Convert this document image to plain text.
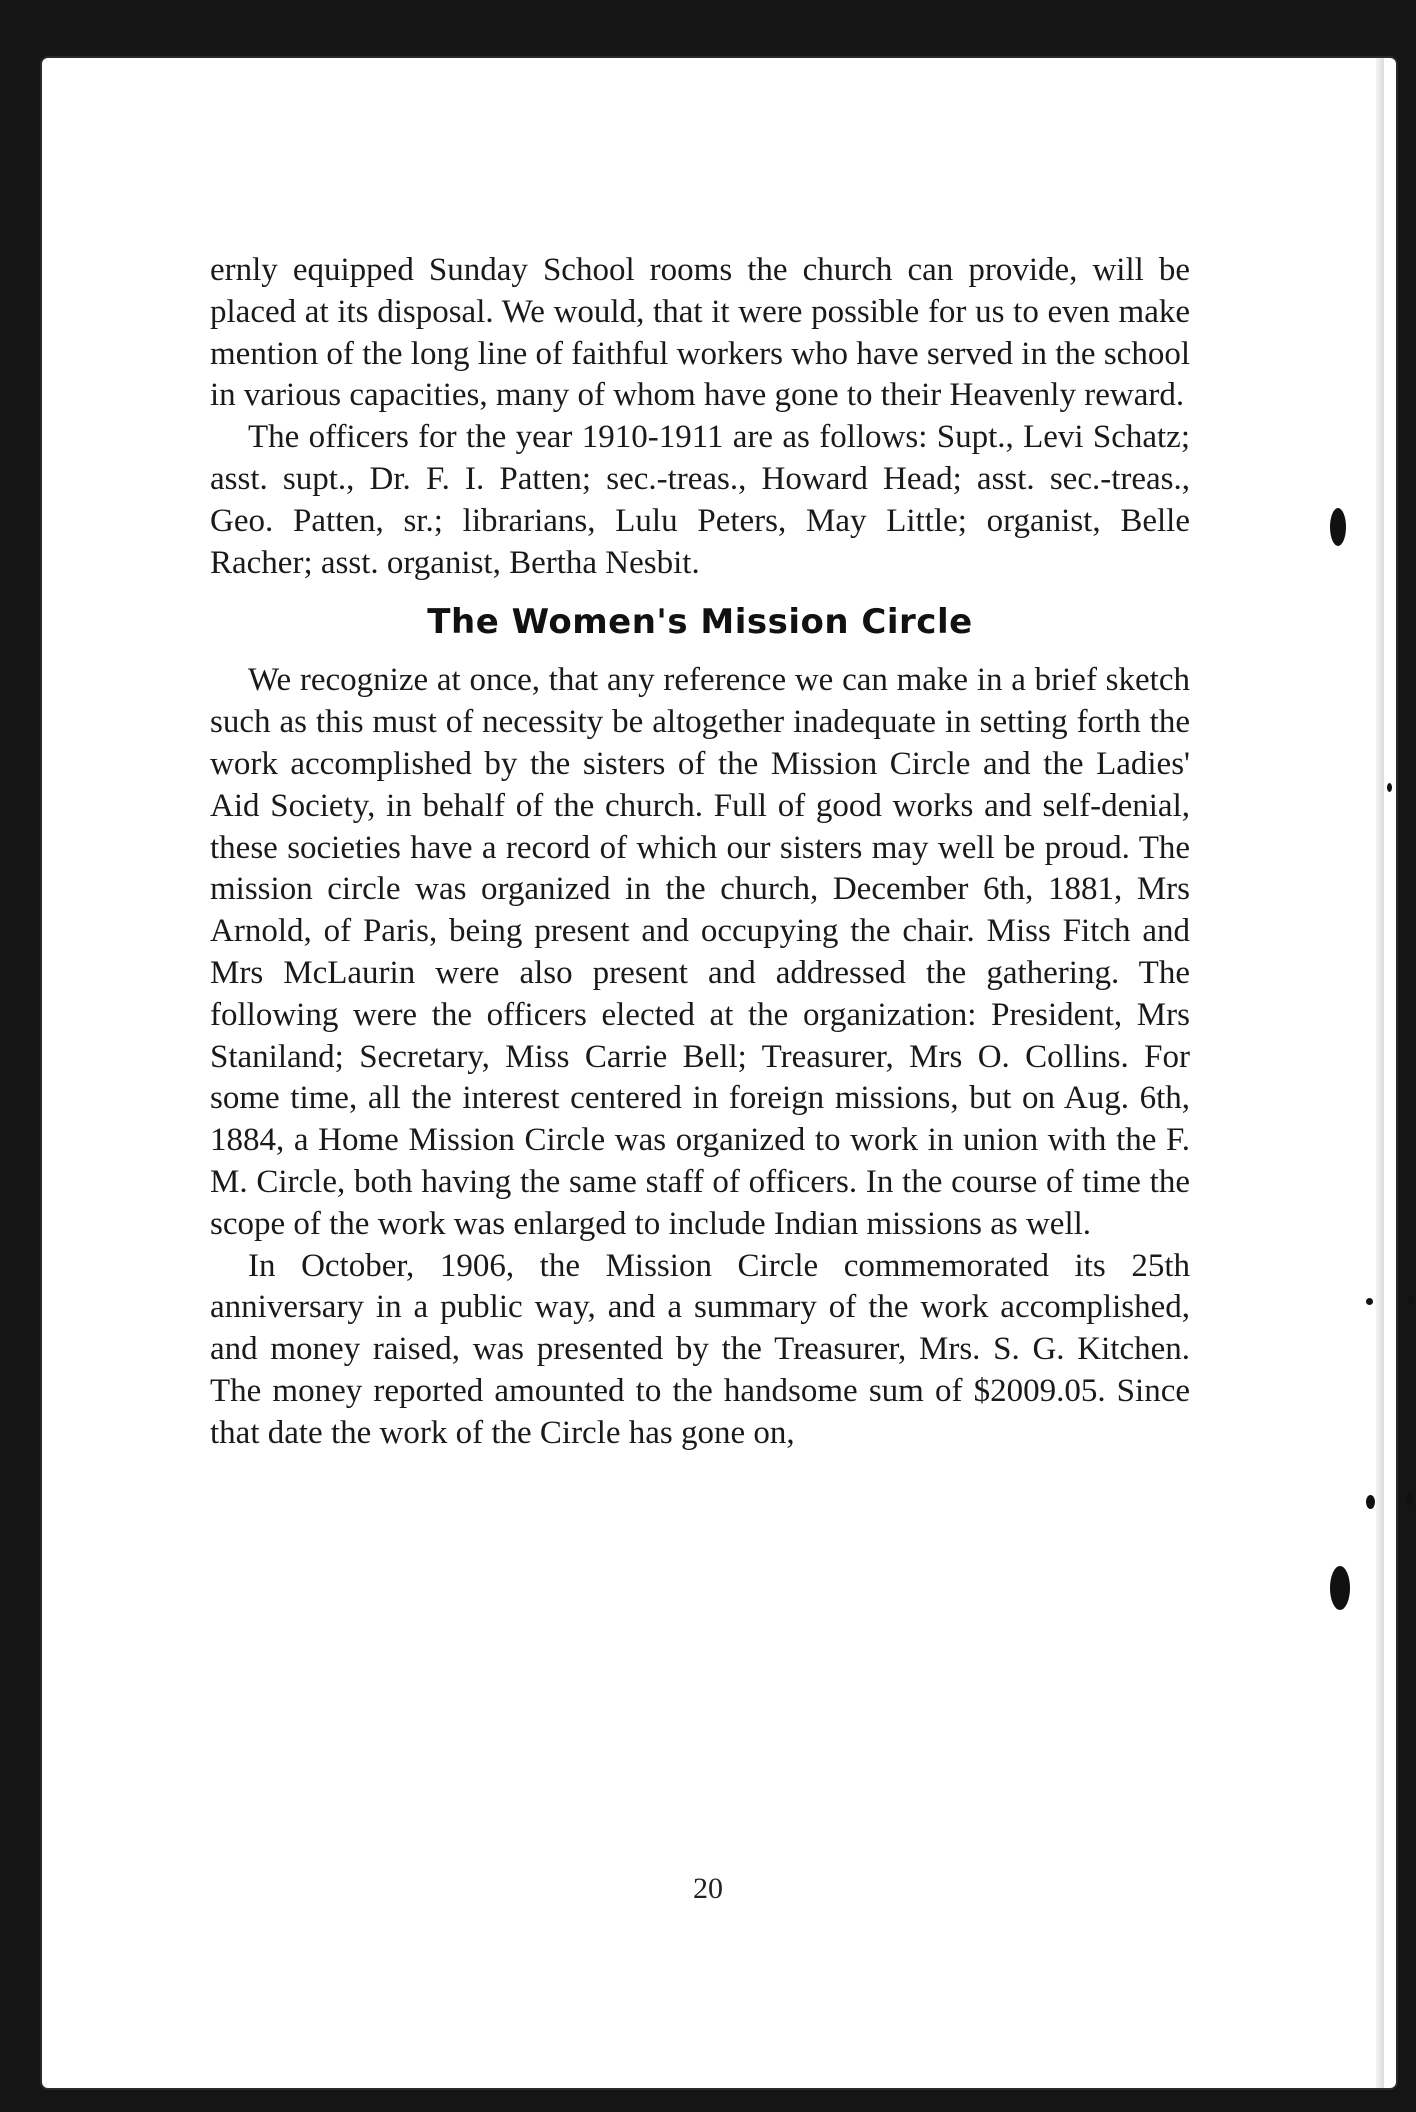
ernly equipped Sunday School rooms the church can provide, will be placed at its disposal. We would, that it were possible for us to even make mention of the long line of faithful workers who have served in the school in various capacities, many of whom have gone to their Heavenly reward.

The officers for the year 1910-1911 are as follows: Supt., Levi Schatz; asst. supt., Dr. F. I. Patten; sec.-treas., Howard Head; asst. sec.-treas., Geo. Patten, sr.; librarians, Lulu Peters, May Little; organist, Belle Racher; asst. organist, Bertha Nesbit.

The Women's Mission Circle

We recognize at once, that any reference we can make in a brief sketch such as this must of necessity be altogether inadequate in setting forth the work accomplished by the sisters of the Mission Circle and the Ladies' Aid Society, in behalf of the church. Full of good works and self-denial, these societies have a record of which our sisters may well be proud. The mission circle was organized in the church, December 6th, 1881, Mrs Arnold, of Paris, being present and occupying the chair. Miss Fitch and Mrs McLaurin were also present and addressed the gathering. The following were the officers elected at the organization: President, Mrs Staniland; Secretary, Miss Carrie Bell; Treasurer, Mrs O. Collins. For some time, all the interest centered in foreign missions, but on Aug. 6th, 1884, a Home Mission Circle was organized to work in union with the F. M. Circle, both having the same staff of officers. In the course of time the scope of the work was enlarged to include Indian missions as well.

In October, 1906, the Mission Circle commemorated its 25th anniversary in a public way, and a summary of the work accomplished, and money raised, was presented by the Treasurer, Mrs. S. G. Kitchen. The money reported amounted to the handsome sum of $2009.05. Since that date the work of the Circle has gone on,

20
